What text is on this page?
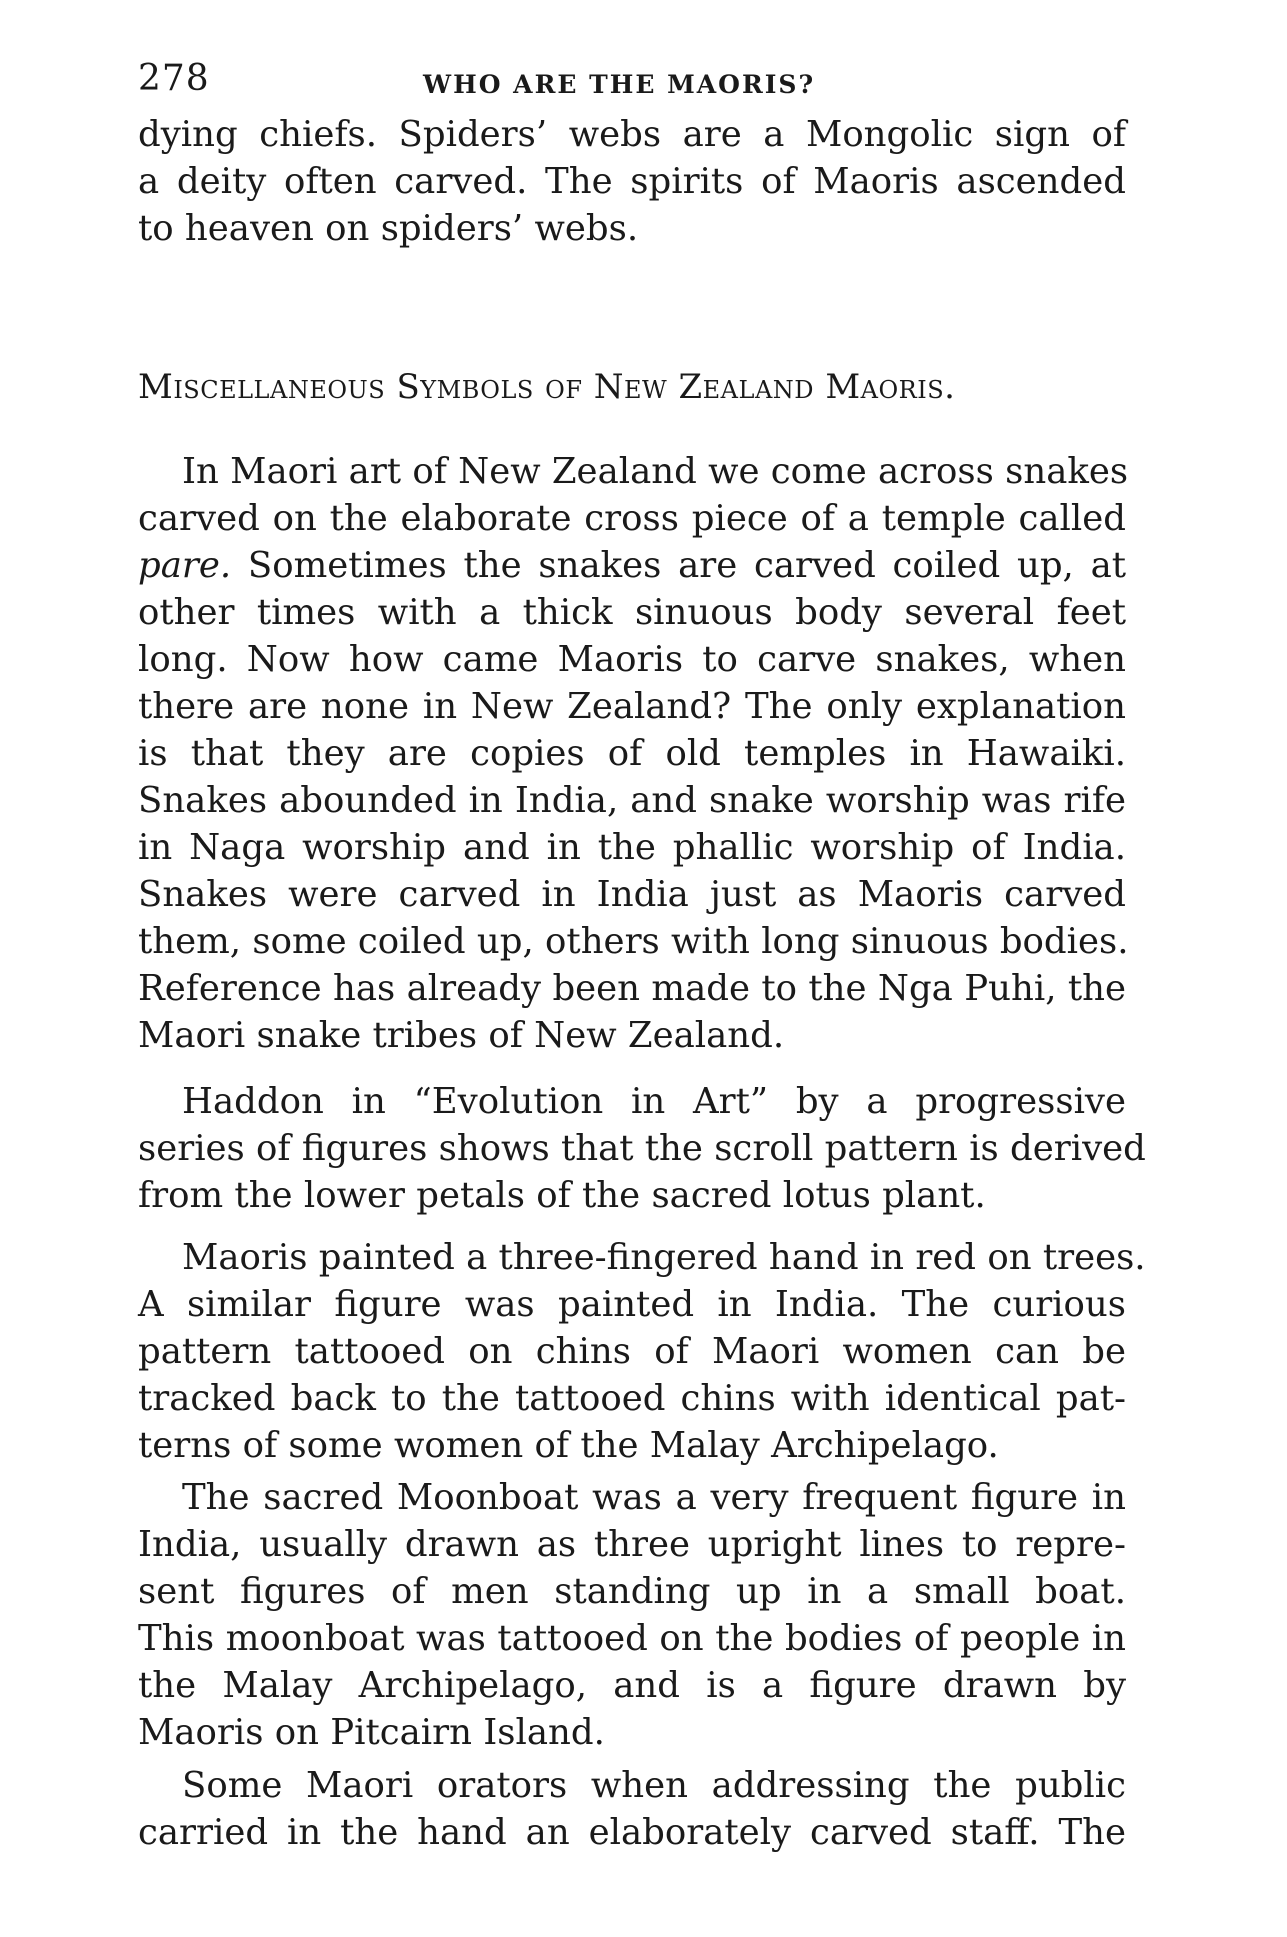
278	WHO ARE THE MAORIS?

dying chiefs. Spiders’ webs are a Mongolic sign of
a deity often carved. The spirits of Maoris ascended
to heaven on spiders’ webs.

Miscellaneous Symbols of New Zealand Maoris.

In Maori art of New Zealand we come across snakes
carved on the elaborate cross piece of a temple called
pare. Sometimes the snakes are carved coiled up, at
other times with a thick sinuous body several feet
long. Now how came Maoris to carve snakes, when
there are none in New Zealand? The only explanation
is that they are copies of old temples in Hawaiki.
Snakes abounded in India, and snake worship was rife
in Naga worship and in the phallic worship of India.
Snakes were carved in India just as Maoris carved
them, some coiled up, others with long sinuous bodies.
Reference has already been made to the Nga Puhi, the
Maori snake tribes of New Zealand.

Haddon in “Evolution in Art” by a progressive
series of figures shows that the scroll pattern is derived
from the lower petals of the sacred lotus plant.

Maoris painted a three-fingered hand in red on trees.
A similar figure was painted in India. The curious
pattern tattooed on chins of Maori women can be
tracked back to the tattooed chins with identical pat-
terns of some women of the Malay Archipelago.

The sacred Moonboat was a very frequent figure in
India, usually drawn as three upright lines to repre-
sent figures of men standing up in a small boat.
This moonboat was tattooed on the bodies of people in
the Malay Archipelago, and is a figure drawn by
Maoris on Pitcairn Island.

Some Maori orators when addressing the public
carried in the hand an elaborately carved staff. The
